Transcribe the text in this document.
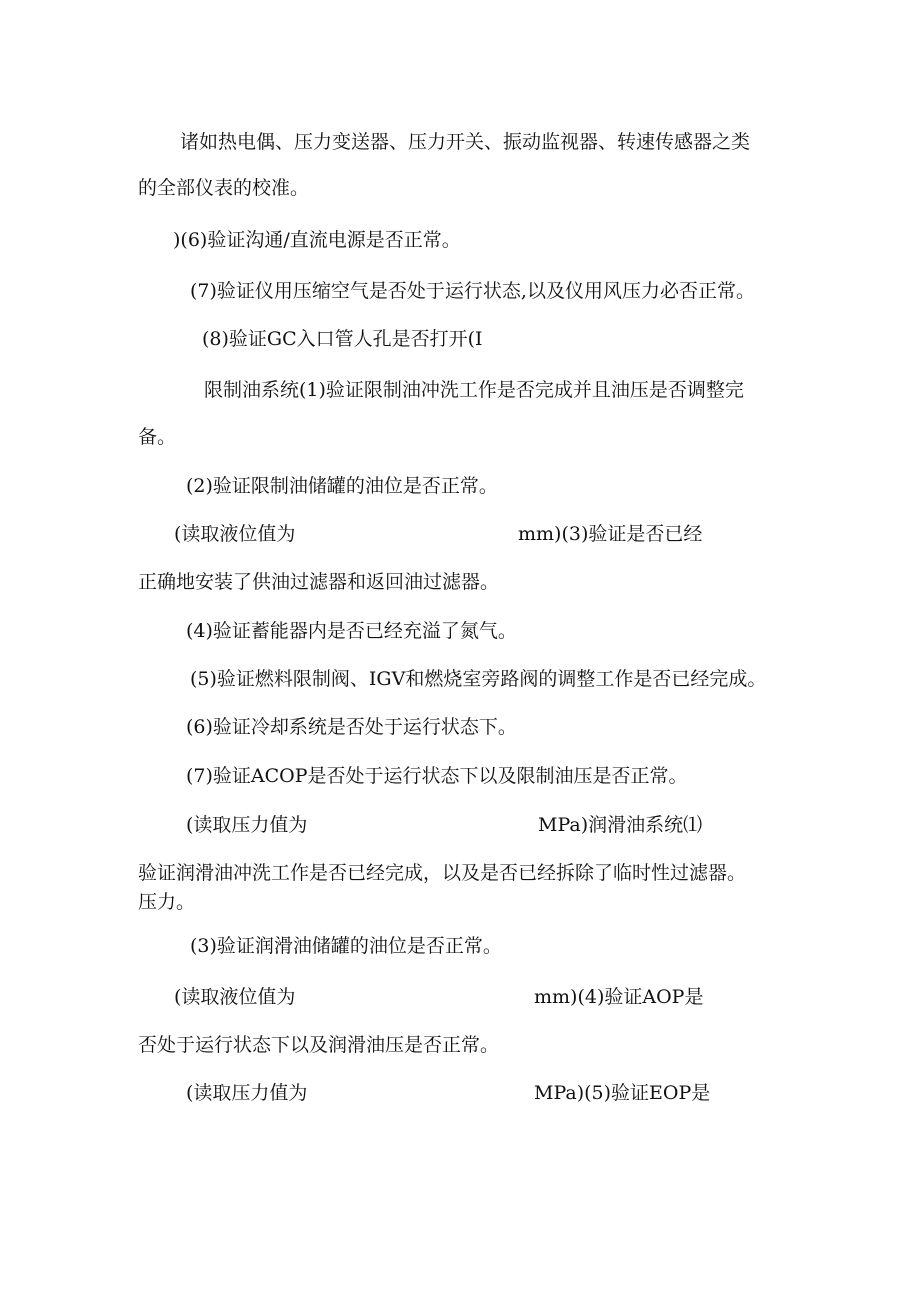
诸如热电偶、压力变送器、压力开关、振动监视器、转速传感器之类
的全部仪表的校准。
)(6)验证沟通/直流电源是否正常。
(7)验证仪用压缩空气是否处于运行状态,以及仪用风压力必否正常。
(8)验证GC入口管人孔是否打开(I
限制油系统(1)验证限制油冲洗工作是否完成并且油压是否调整完
备。
(2)验证限制油储罐的油位是否正常。
(读取液位值为	mm)(3)验证是否已经
正确地安装了供油过滤器和返回油过滤器。
(4)验证蓄能器内是否已经充溢了氮气。
(5)验证燃料限制阀、IGV和燃烧室旁路阀的调整工作是否已经完成。
(6)验证冷却系统是否处于运行状态下。
(7)验证ACOP是否处于运行状态下以及限制油压是否正常。
(读取压力值为	MPa)润滑油系统⑴
验证润滑油冲洗工作是否已经完成，以及是否已经拆除了临时性过滤器。
压力。
(3)验证润滑油储罐的油位是否正常。
(读取液位值为	mm)(4)验证AOP是
否处于运行状态下以及润滑油压是否正常。
(读取压力值为	MPa)(5)验证EOP是
